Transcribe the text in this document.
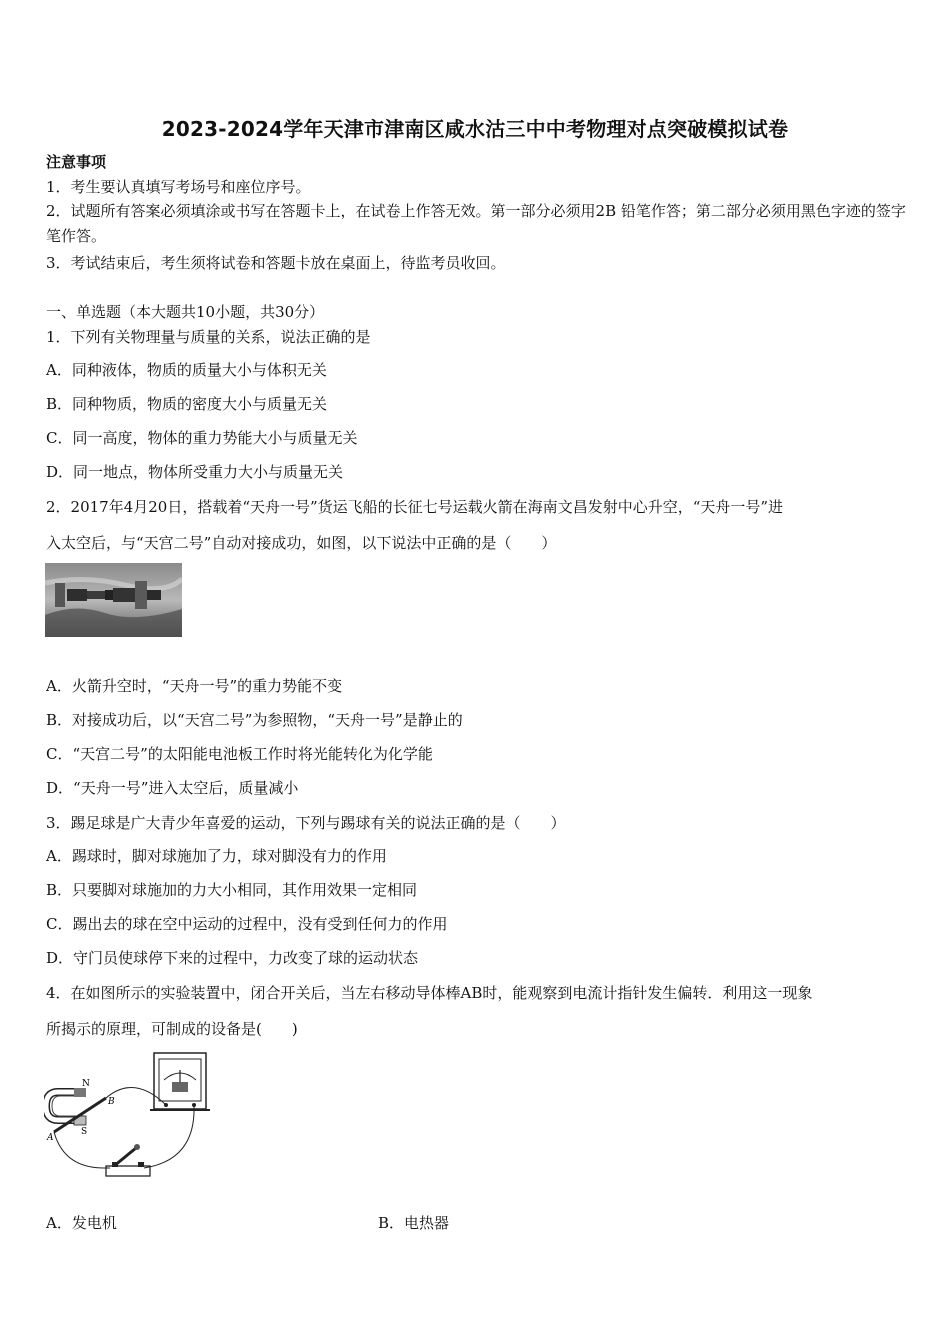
2023-2024学年天津市津南区咸水沽三中中考物理对点突破模拟试卷
注意事项
1．考生要认真填写考场号和座位序号。
2．试题所有答案必须填涂或书写在答题卡上，在试卷上作答无效。第一部分必须用2B 铅笔作答；第二部分必须用黑色字迹的签字笔作答。
3．考试结束后，考生须将试卷和答题卡放在桌面上，待监考员收回。
一、单选题（本大题共10小题，共30分）
1．下列有关物理量与质量的关系，说法正确的是
A．同种液体，物质的质量大小与体积无关
B．同种物质，物质的密度大小与质量无关
C．同一高度，物体的重力势能大小与质量无关
D．同一地点，物体所受重力大小与质量无关
2．2017年4月20日，搭载着“天舟一号”货运飞船的长征七号运载火箭在海南文昌发射中心升空，“天舟一号”进
入太空后，与“天宫二号”自动对接成功，如图，以下说法中正确的是（　　）
A．火箭升空时，“天舟一号”的重力势能不变
B．对接成功后，以“天宫二号”为参照物，“天舟一号”是静止的
C．“天宫二号”的太阳能电池板工作时将光能转化为化学能
D．“天舟一号”进入太空后，质量减小
3．踢足球是广大青少年喜爱的运动，下列与踢球有关的说法正确的是（　　）
A．踢球时，脚对球施加了力，球对脚没有力的作用
B．只要脚对球施加的力大小相同，其作用效果一定相同
C．踢出去的球在空中运动的过程中，没有受到任何力的作用
D．守门员使球停下来的过程中，力改变了球的运动状态
4．在如图所示的实验装置中，闭合开关后，当左右移动导体棒AB时，能观察到电流计指针发生偏转．利用这一现象
所揭示的原理，可制成的设备是(　　)
N
S
A
B
A．发电机	B．电热器
